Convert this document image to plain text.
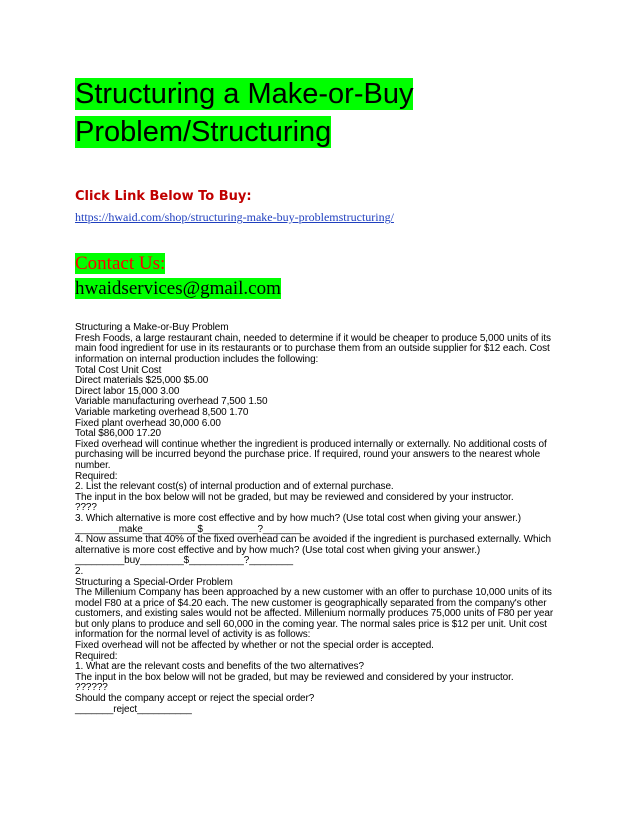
Structuring a Make-or-Buy Problem/Structuring
Click Link Below To Buy:
https://hwaid.com/shop/structuring-make-buy-problemstructuring/
Contact Us:
hwaidservices@gmail.com

Structuring a Make-or-Buy Problem

Fresh Foods, a large restaurant chain, needed to determine if it would be cheaper to produce 5,000 units of its main food ingredient for use in its restaurants or to purchase them from an outside supplier for $12 each. Cost information on internal production includes the following:

Total Cost Unit Cost

Direct materials $25,000 $5.00

Direct labor 15,000 3.00

Variable manufacturing overhead 7,500 1.50

Variable marketing overhead 8,500 1.70

Fixed plant overhead 30,000 6.00

Total $86,000 17.20

Fixed overhead will continue whether the ingredient is produced internally or externally. No additional costs of purchasing will be incurred beyond the purchase price. If required, round your answers to the nearest whole number.

Required:

2. List the relevant cost(s) of internal production and of external purchase.

The input in the box below will not be graded, but may be reviewed and considered by your instructor.

????

3. Which alternative is more cost effective and by how much? (Use total cost when giving your answer.)

________make__________$__________?_______

4. Now assume that 40% of the fixed overhead can be avoided if the ingredient is purchased externally. Which alternative is more cost effective and by how much? (Use total cost when giving your answer.)

_________buy________$__________?________

2.

Structuring a Special-Order Problem

The Millenium Company has been approached by a new customer with an offer to purchase 10,000 units of its model F80 at a price of $4.20 each. The new customer is geographically separated from the company's other customers, and existing sales would not be affected. Millenium normally produces 75,000 units of F80 per year but only plans to produce and sell 60,000 in the coming year. The normal sales price is $12 per unit. Unit cost information for the normal level of activity is as follows:

Fixed overhead will not be affected by whether or not the special order is accepted.

Required:

1. What are the relevant costs and benefits of the two alternatives?

The input in the box below will not be graded, but may be reviewed and considered by your instructor.

??????

Should the company accept or reject the special order?

_______reject__________
